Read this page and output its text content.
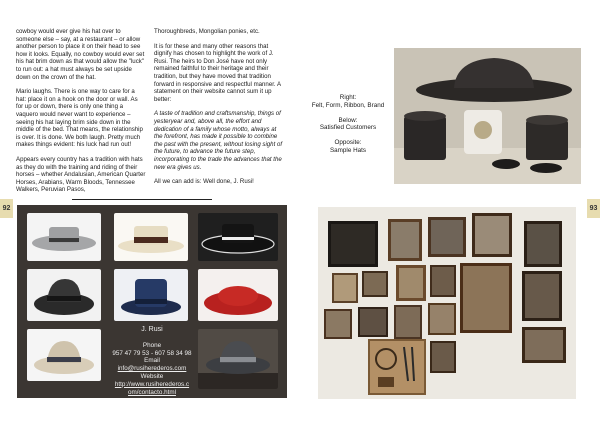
cowboy would ever give his hat over to someone else – say, at a restaurant – or allow another person to place it on their head to see how it looks. Equally, no cowboy would ever set his hat brim down as that would allow the "luck" to run out: a hat must always be set upside down on the crown of the hat.

Mario laughs. There is one way to care for a hat: place it on a hook on the door or wall. As for up or down, there is only one thing a vaquero would never want to experience – seeing his hat laying brim side down in the middle of the bed. That means, the relationship is over. It is done. We both laugh. Pretty much makes things evident: his luck had run out!

Appears every country has a tradition with hats as they do with the training and riding of their horses – whether Andalusian, American Quarter Horses, Arabians, Warm Bloods, Tennessee Walkers, Peruvian Pasos,

Thoroughbreds, Mongolian ponies, etc.

It is for these and many other reasons that dignify has chosen to highlight the work of J. Rusi. The heirs to Don José have not only remained faithful to their heritage and their tradition, but they have moved that tradition forward in responsive and respectful manner. A statement on their website cannot sum it up better:

A taste of tradition and craftsmanship, things of yesteryear and, above all, the effort and dedication of a family whose motto, always at the forefront, has made it possible to combine the past with the present, without losing sight of the future, to advance the future step, incorporating to the trade the advances that the new era gives us.

All we can add is: Well done, J. Rusi!

92
J. Rusi
Phone
957 47 79 53 - 607 58 34 98
Email
info@rusiherederos.com
Website
http://www.rusiherederos.c
om/contacto.html
Right:
Felt, Form, Ribbon, Brand
Below:
Satisfied Customers
Opposite:
Sample Hats
93
